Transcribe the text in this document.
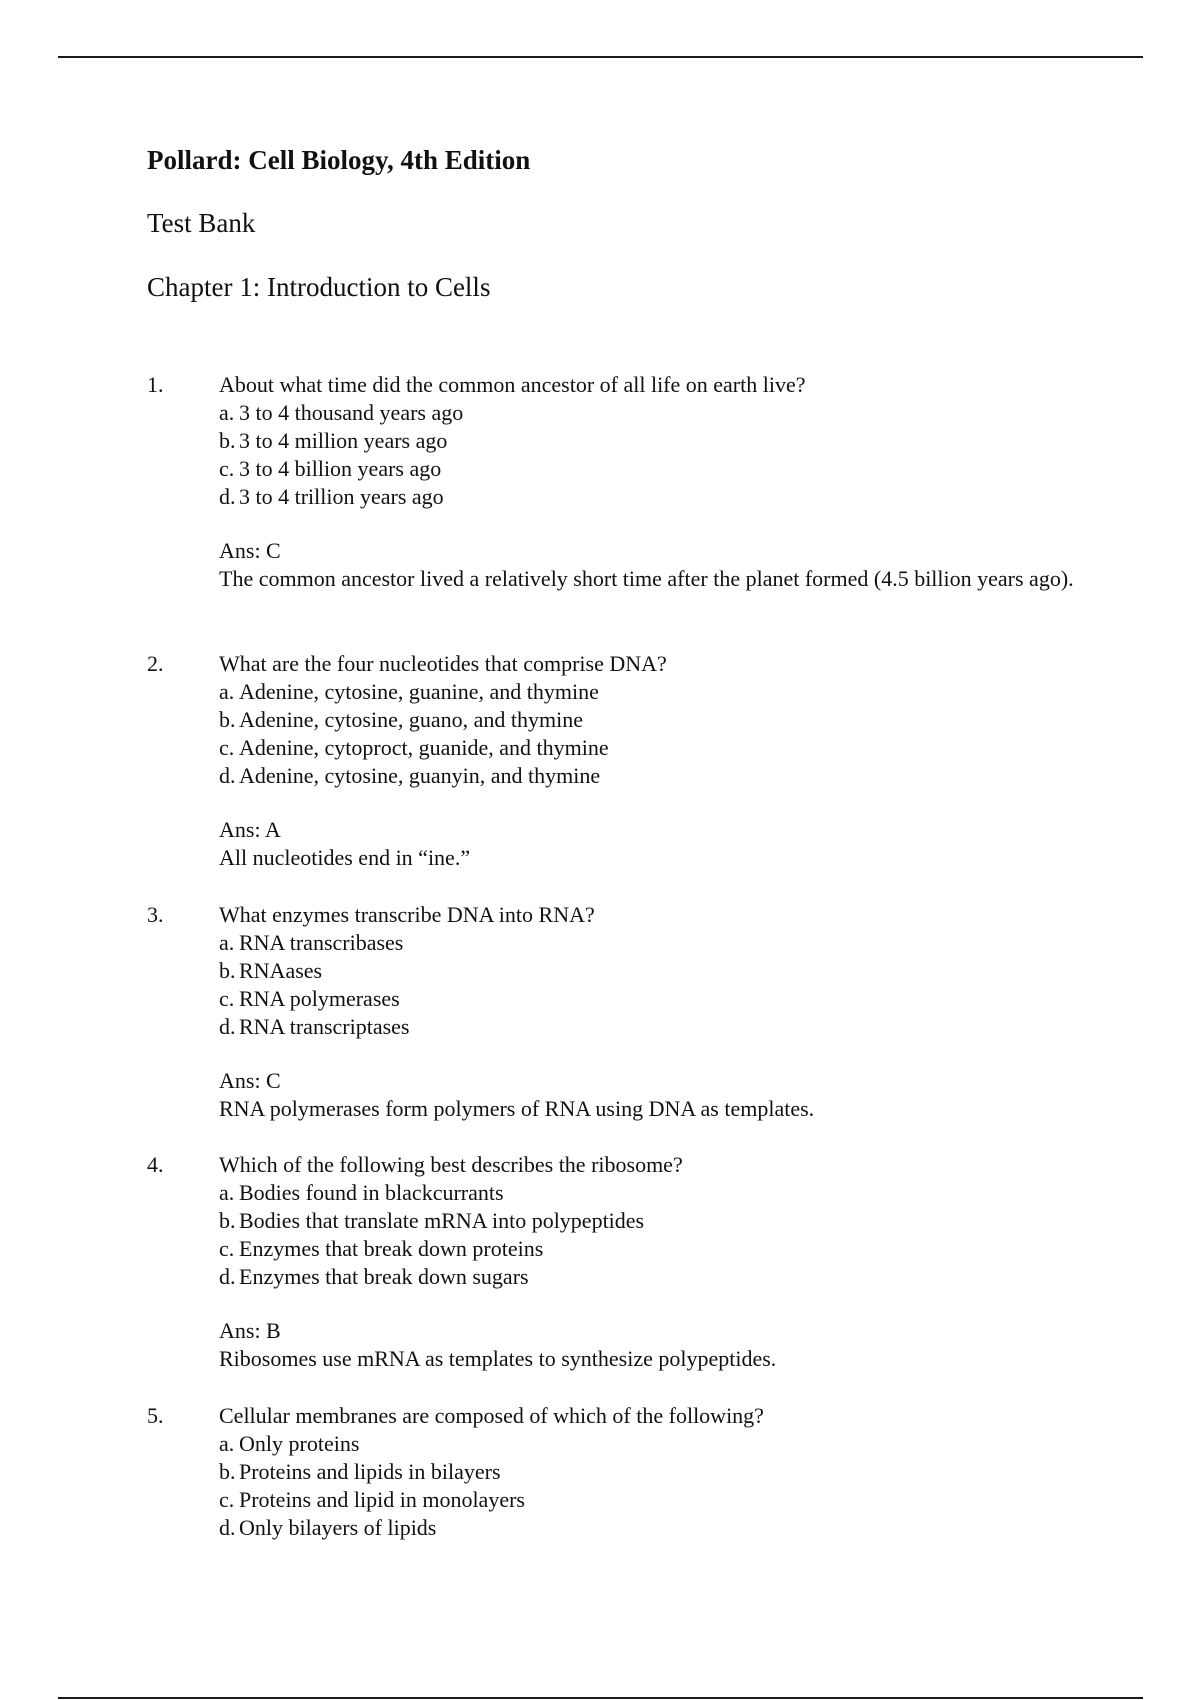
Pollard: Cell Biology, 4th Edition
Test Bank
Chapter 1: Introduction to Cells
1.	About what time did the common ancestor of all life on earth live?
a. 3 to 4 thousand years ago
b. 3 to 4 million years ago
c. 3 to 4 billion years ago
d. 3 to 4 trillion years ago
Ans: C
The common ancestor lived a relatively short time after the planet formed (4.5 billion years ago).
2.	What are the four nucleotides that comprise DNA?
a. Adenine, cytosine, guanine, and thymine
b. Adenine, cytosine, guano, and thymine
c. Adenine, cytoproct, guanide, and thymine
d. Adenine, cytosine, guanyin, and thymine
Ans: A
All nucleotides end in “ine.”
3.	What enzymes transcribe DNA into RNA?
a. RNA transcribases
b. RNAases
c. RNA polymerases
d. RNA transcriptases
Ans: C
RNA polymerases form polymers of RNA using DNA as templates.
4.	Which of the following best describes the ribosome?
a. Bodies found in blackcurrants
b. Bodies that translate mRNA into polypeptides
c. Enzymes that break down proteins
d. Enzymes that break down sugars
Ans: B
Ribosomes use mRNA as templates to synthesize polypeptides.
5.	Cellular membranes are composed of which of the following?
a. Only proteins
b. Proteins and lipids in bilayers
c. Proteins and lipid in monolayers
d. Only bilayers of lipids
